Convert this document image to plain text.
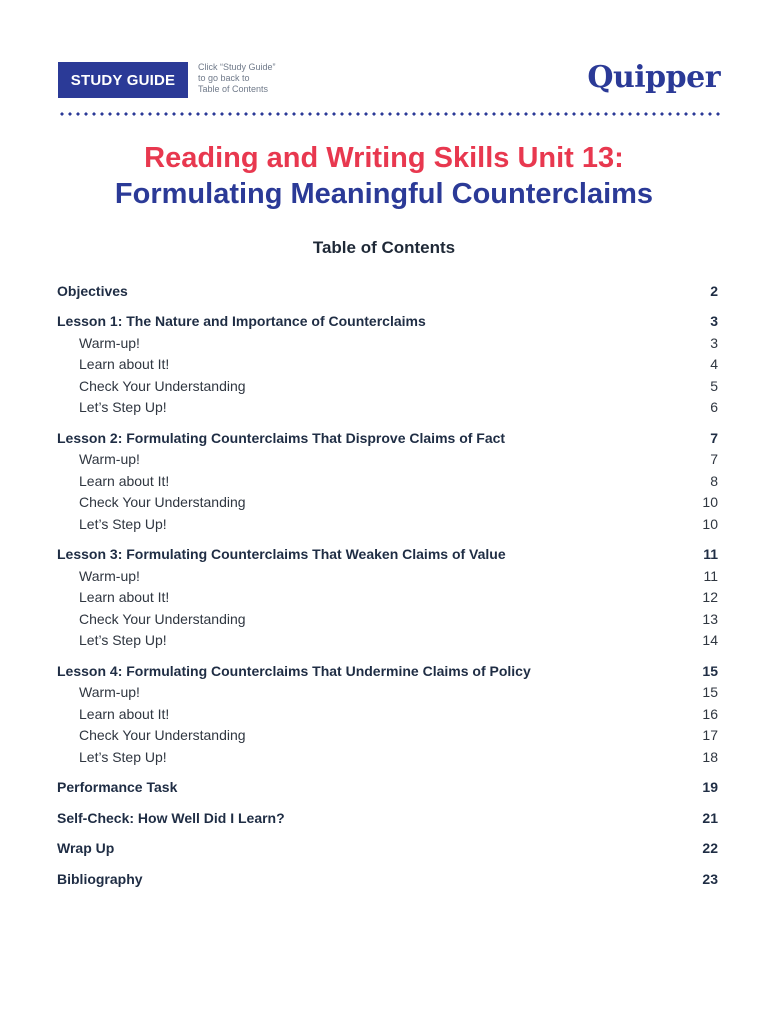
STUDY GUIDE
Click “Study Guide”
to go back to
Table of Contents	Quipper
Reading and Writing Skills Unit 13:
Formulating Meaningful Counterclaims
Table of Contents
Objectives	2
Lesson 1: The Nature and Importance of Counterclaims	3
Warm-up!	3
Learn about It!	4
Check Your Understanding	5
Let’s Step Up!	6
Lesson 2: Formulating Counterclaims That Disprove Claims of Fact	7
Warm-up!	7
Learn about It!	8
Check Your Understanding	10
Let’s Step Up!	10
Lesson 3: Formulating Counterclaims That Weaken Claims of Value	11
Warm-up!	11
Learn about It!	12
Check Your Understanding	13
Let’s Step Up!	14
Lesson 4: Formulating Counterclaims That Undermine Claims of Policy	15
Warm-up!	15
Learn about It!	16
Check Your Understanding	17
Let’s Step Up!	18
Performance Task	19
Self-Check: How Well Did I Learn?	21
Wrap Up	22
Bibliography	23
